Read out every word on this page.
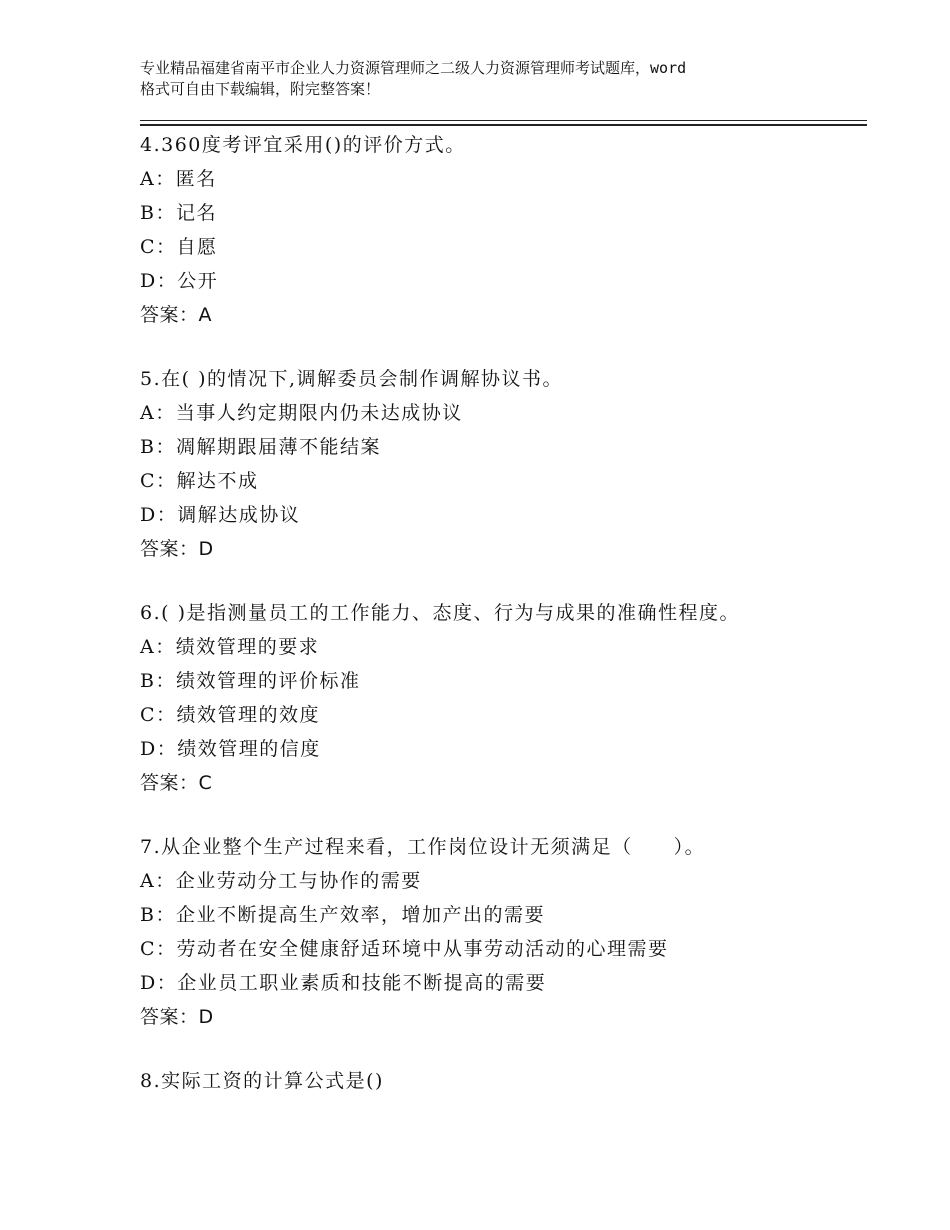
专业精品福建省南平市企业人力资源管理师之二级人力资源管理师考试题库，word
格式可自由下载编辑，附完整答案！
4.360度考评宜采用()的评价方式。
A：匿名
B：记名
C：自愿
D：公开
答案：A
5.在( )的情况下,调解委员会制作调解协议书。
A：当事人约定期限内仍未达成协议
B：凋解期跟届薄不能结案
C：解达不成
D：调解达成协议
答案：D
6.( )是指测量员工的工作能力、态度、行为与成果的准确性程度。
A：绩效管理的要求
B：绩效管理的评价标准
C：绩效管理的效度
D：绩效管理的信度
答案：C
7.从企业整个生产过程来看，工作岗位设计无须满足（　　）。
A：企业劳动分工与协作的需要
B：企业不断提高生产效率，增加产出的需要
C：劳动者在安全健康舒适环境中从事劳动活动的心理需要
D：企业员工职业素质和技能不断提高的需要
答案：D
8.实际工资的计算公式是()
